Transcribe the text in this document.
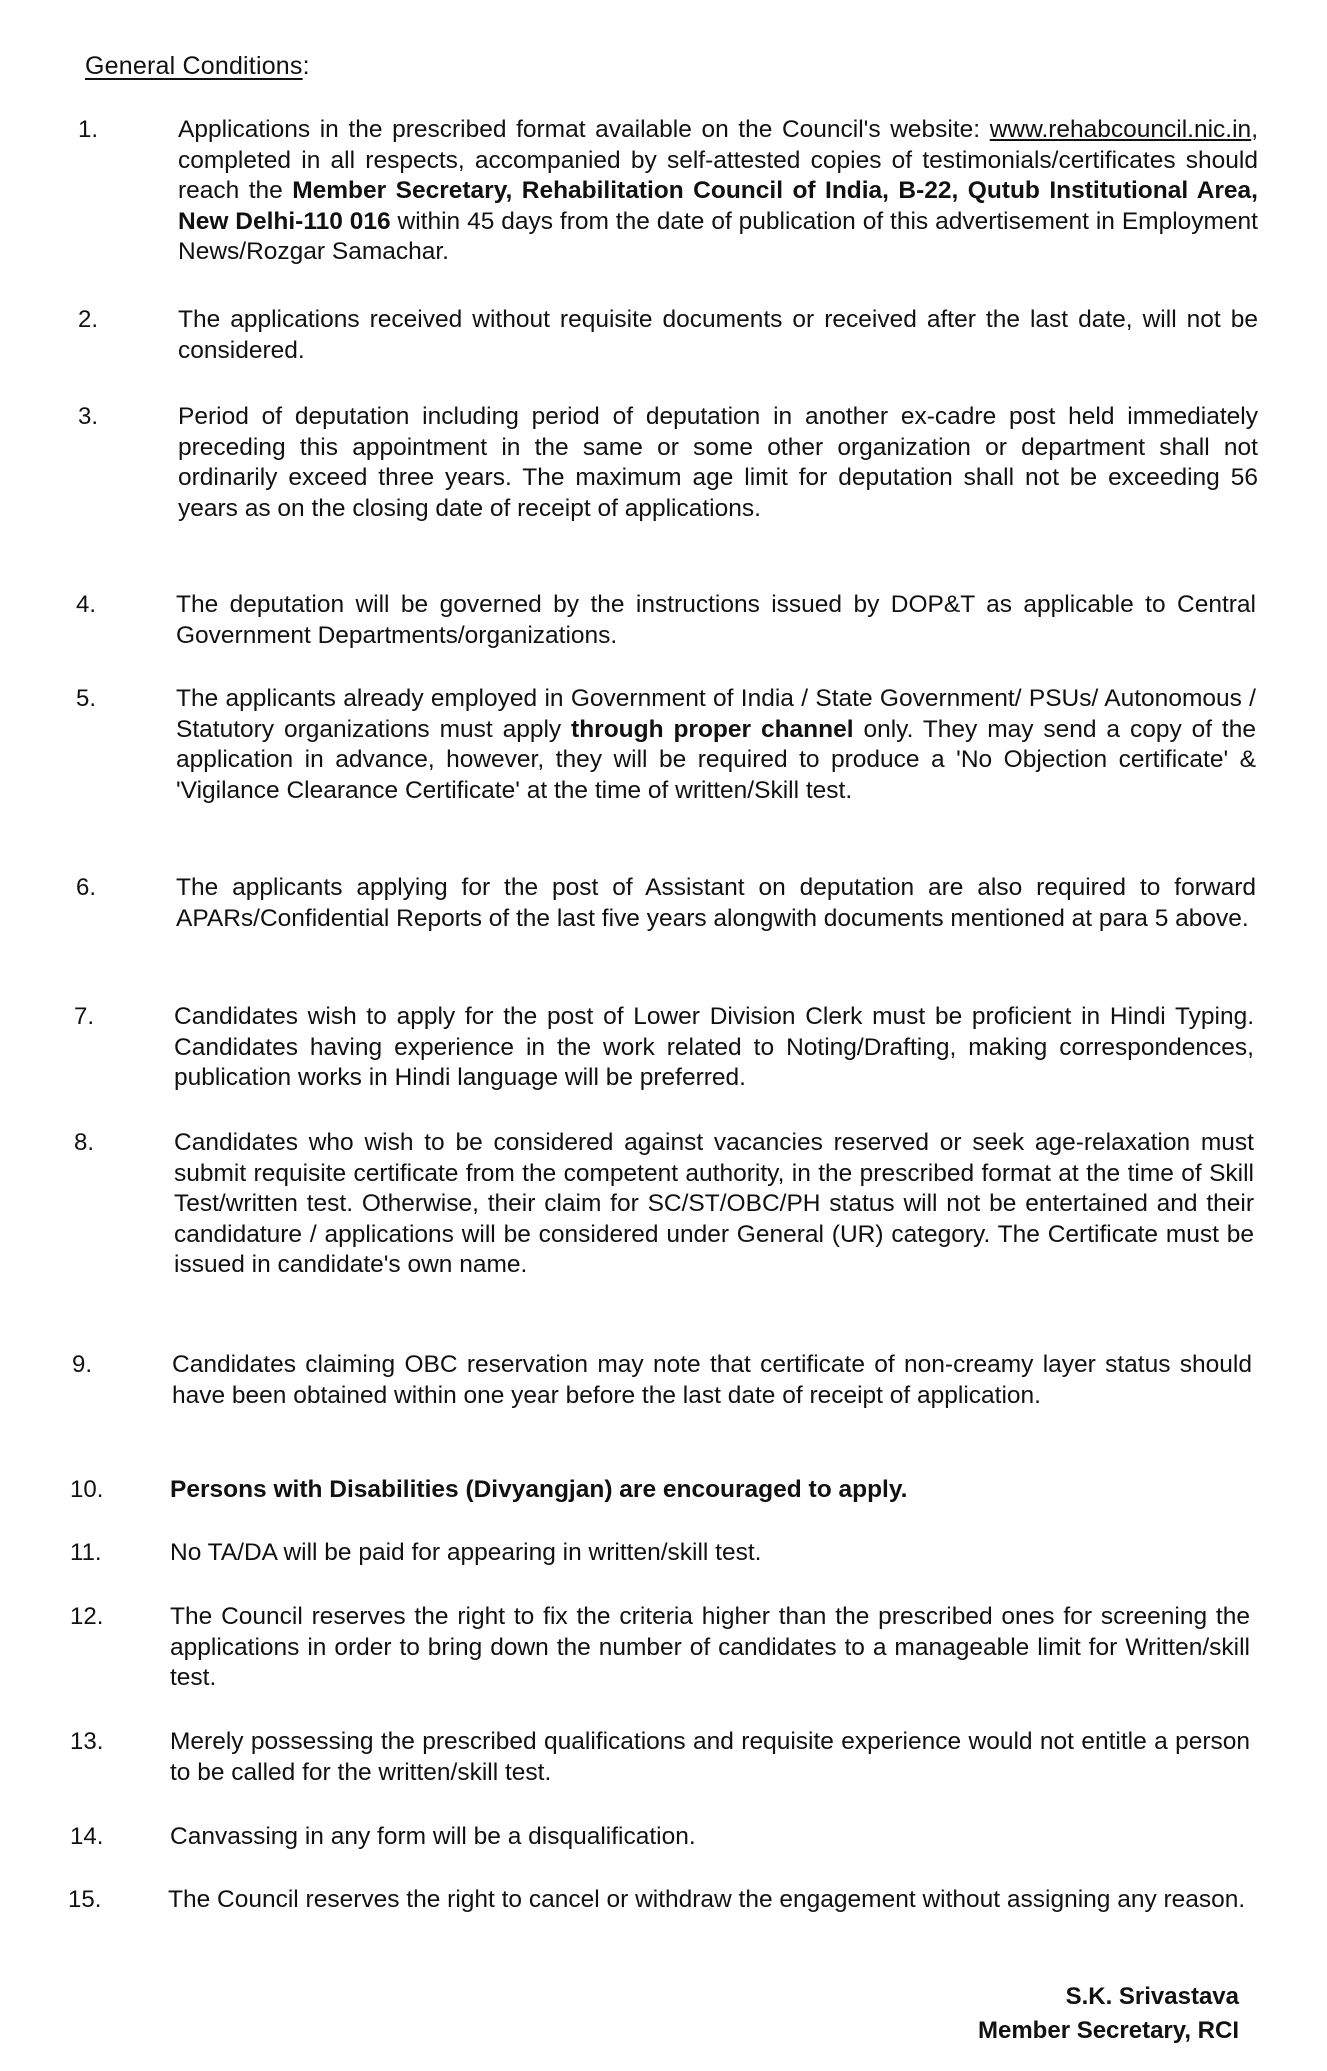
General Conditions:
1.	Applications in the prescribed format available on the Council's website: www.rehabcouncil.nic.in, completed in all respects, accompanied by self-attested copies of testimonials/certificates should reach the Member Secretary, Rehabilitation Council of India, B-22, Qutub Institutional Area, New Delhi-110 016 within 45 days from the date of publication of this advertisement in Employment News/Rozgar Samachar.
2.	The applications received without requisite documents or received after the last date, will not be considered.
3.	Period of deputation including period of deputation in another ex-cadre post held immediately preceding this appointment in the same or some other organization or department shall not ordinarily exceed three years. The maximum age limit for deputation shall not be exceeding 56 years as on the closing date of receipt of applications.
4.	The deputation will be governed by the instructions issued by DOP&T as applicable to Central Government Departments/organizations.
5.	The applicants already employed in Government of India / State Government/ PSUs/ Autonomous / Statutory organizations must apply through proper channel only. They may send a copy of the application in advance, however, they will be required to produce a 'No Objection certificate' & 'Vigilance Clearance Certificate' at the time of written/Skill test.
6.	The applicants applying for the post of Assistant on deputation are also required to forward APARs/Confidential Reports of the last five years alongwith documents mentioned at para 5 above.
7.	Candidates wish to apply for the post of Lower Division Clerk must be proficient in Hindi Typing. Candidates having experience in the work related to Noting/Drafting, making correspondences, publication works in Hindi language will be preferred.
8.	Candidates who wish to be considered against vacancies reserved or seek age-relaxation must submit requisite certificate from the competent authority, in the prescribed format at the time of Skill Test/written test. Otherwise, their claim for SC/ST/OBC/PH status will not be entertained and their candidature / applications will be considered under General (UR) category. The Certificate must be issued in candidate's own name.
9.	Candidates claiming OBC reservation may note that certificate of non-creamy layer status should have been obtained within one year before the last date of receipt of application.
10.	Persons with Disabilities (Divyangjan) are encouraged to apply.
11.	No TA/DA will be paid for appearing in written/skill test.
12.	The Council reserves the right to fix the criteria higher than the prescribed ones for screening the applications in order to bring down the number of candidates to a manageable limit for Written/skill test.
13.	Merely possessing the prescribed qualifications and requisite experience would not entitle a person to be called for the written/skill test.
14.	Canvassing in any form will be a disqualification.
15.	The Council reserves the right to cancel or withdraw the engagement without assigning any reason.
S.K. Srivastava
Member Secretary, RCI
